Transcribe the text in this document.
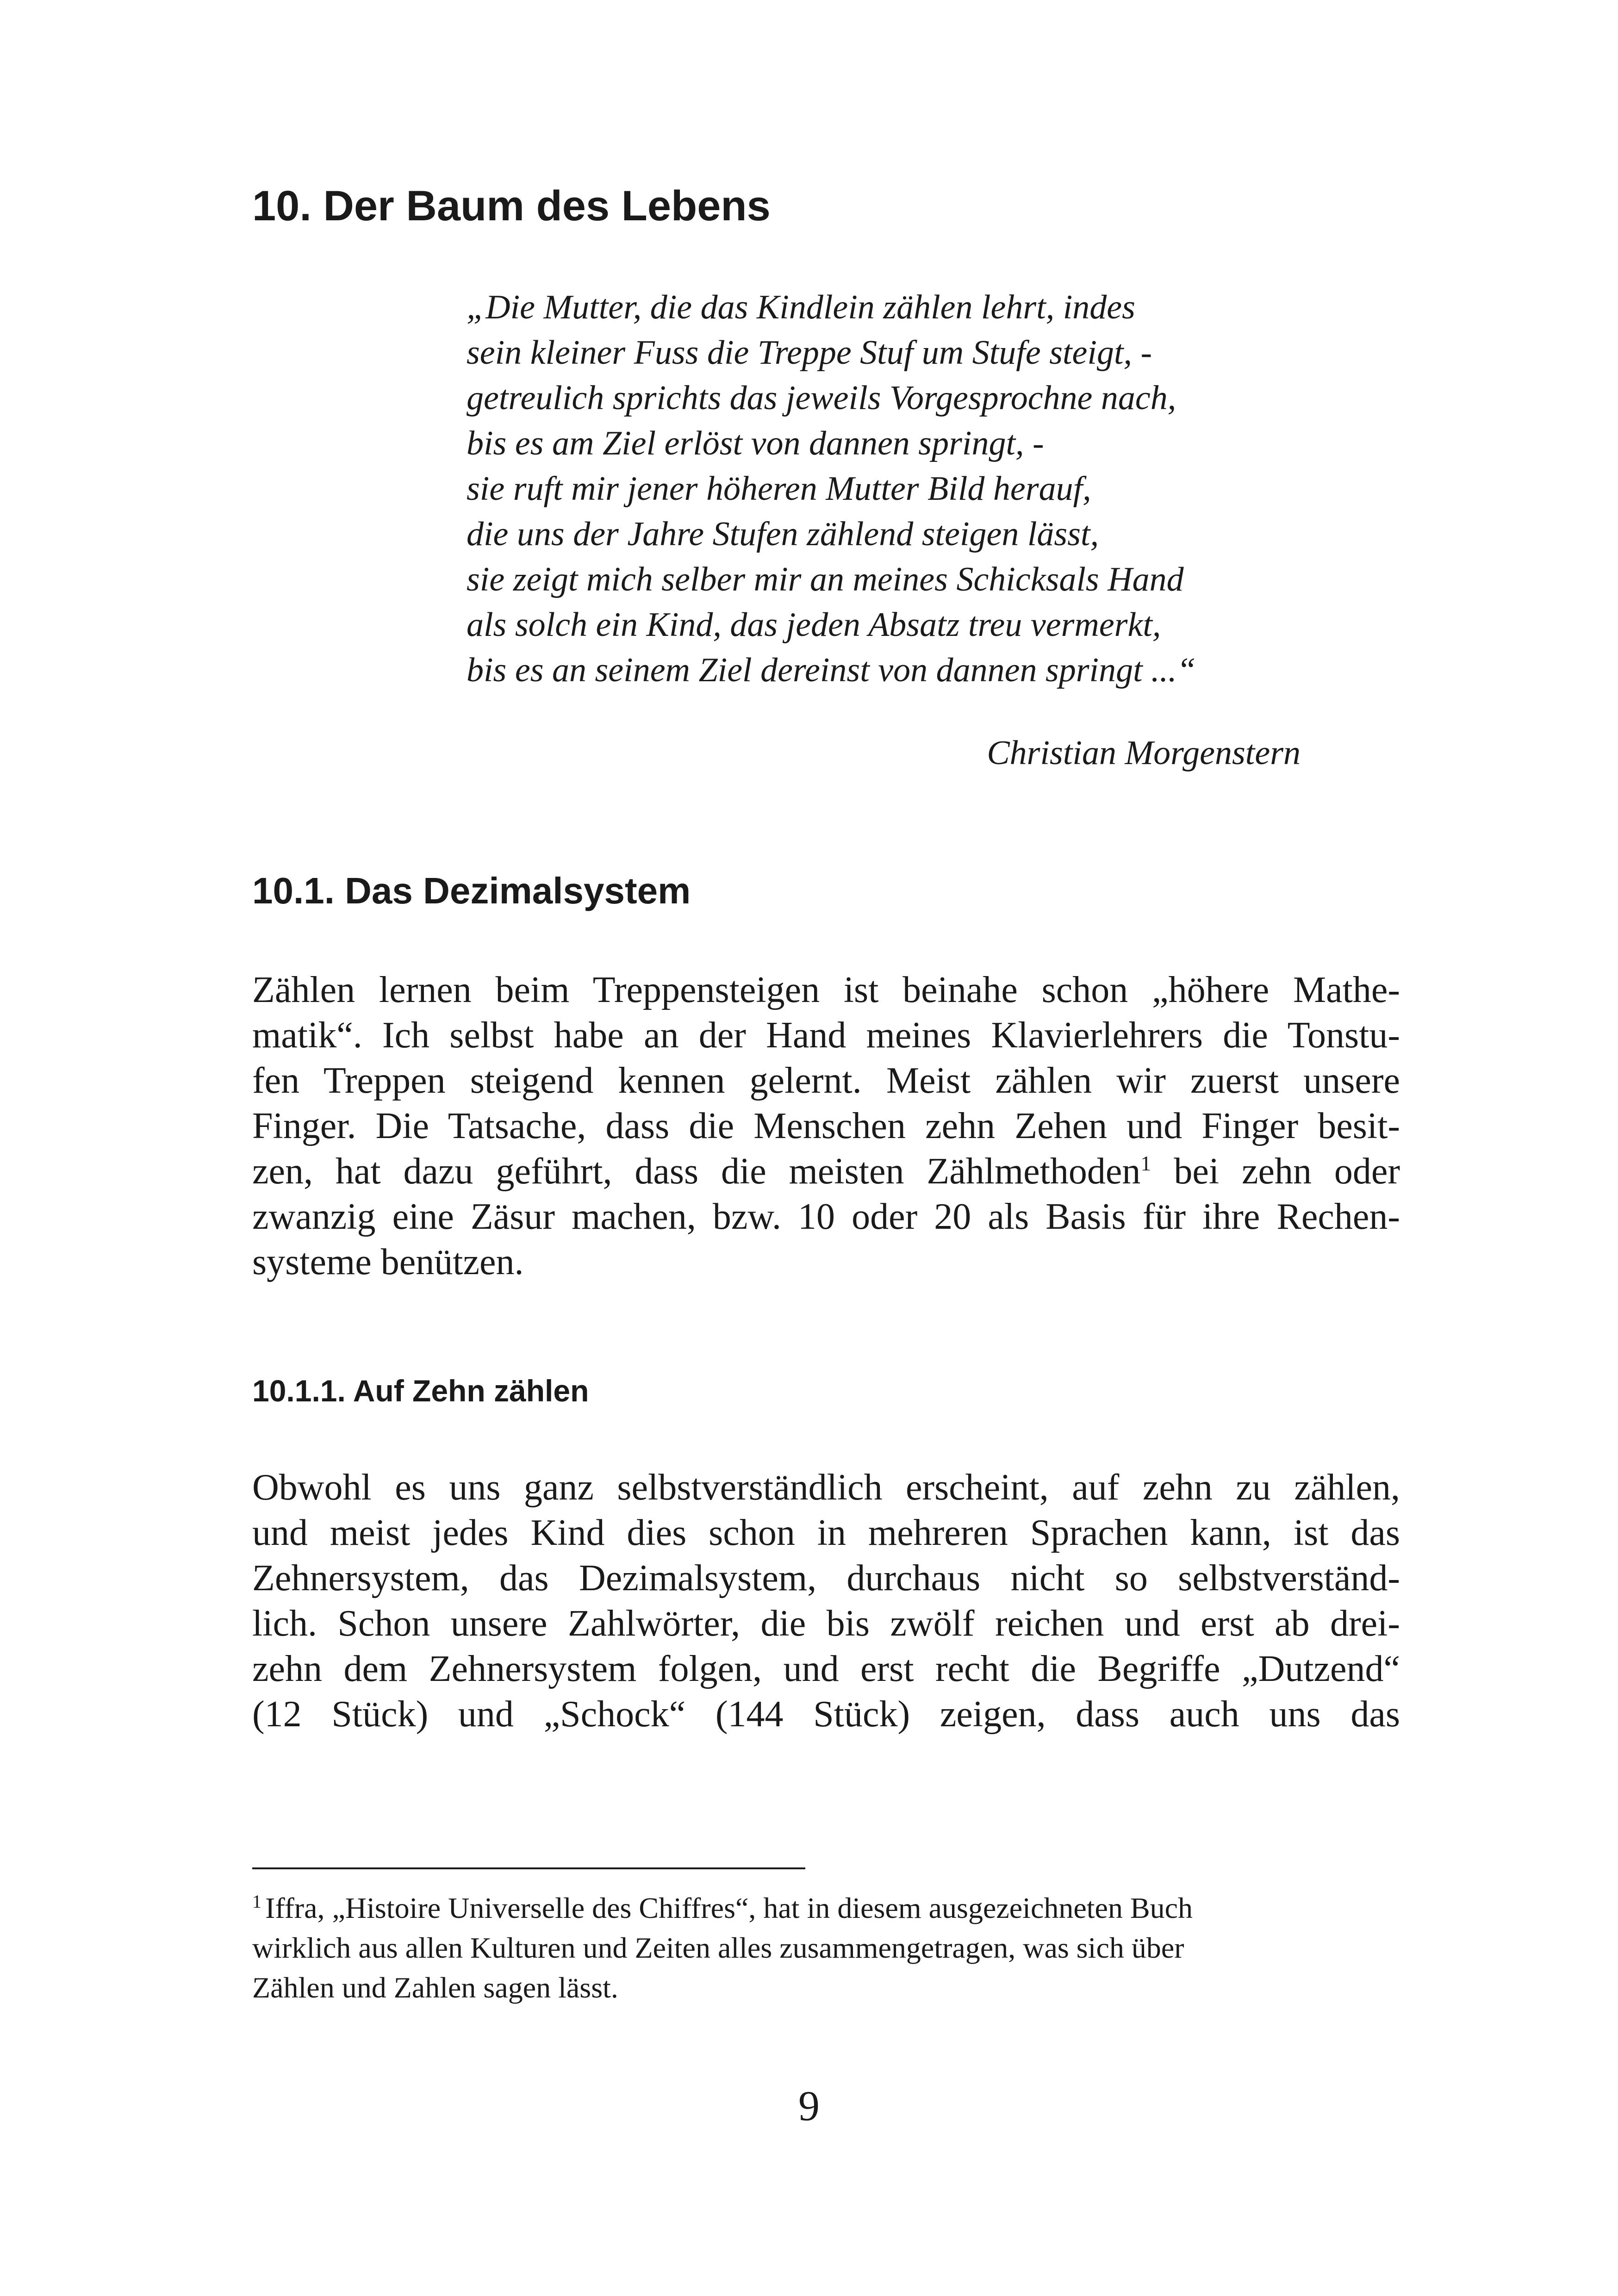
10. Der Baum des Lebens
„Die Mutter, die das Kindlein zählen lehrt, indes
sein kleiner Fuss die Treppe Stuf um Stufe steigt, -
getreulich sprichts das jeweils Vorgesprochne nach,
bis es am Ziel erlöst von dannen springt, -
sie ruft mir jener höheren Mutter Bild herauf,
die uns der Jahre Stufen zählend steigen lässt,
sie zeigt mich selber mir an meines Schicksals Hand
als solch ein Kind, das jeden Absatz treu vermerkt,
bis es an seinem Ziel dereinst von dannen springt ...“

Christian Morgenstern

10.1. Das Dezimalsystem
Zählen lernen beim Treppensteigen ist beinahe schon „höhere Mathe-
matik“. Ich selbst habe an der Hand meines Klavierlehrers die Tonstu-
fen Treppen steigend kennen gelernt. Meist zählen wir zuerst unsere
Finger. Die Tatsache, dass die Menschen zehn Zehen und Finger besit-
zen, hat dazu geführt, dass die meisten Zählmethoden$^1$ bei zehn oder
zwanzig eine Zäsur machen, bzw. 10 oder 20 als Basis für ihre Rechen-
systeme benützen.
10.1.1. Auf Zehn zählen
Obwohl es uns ganz selbstverständlich erscheint, auf zehn zu zählen,
und meist jedes Kind dies schon in mehreren Sprachen kann, ist das
Zehnersystem, das Dezimalsystem, durchaus nicht so selbstverständ-
lich. Schon unsere Zahlwörter, die bis zwölf reichen und erst ab drei-
zehn dem Zehnersystem folgen, und erst recht die Begriffe „Dutzend“
(12 Stück) und „Schock“ (144 Stück) zeigen, dass auch uns das
$^1$ Iffra, „Histoire Universelle des Chiffres“, hat in diesem ausgezeichneten Buch
wirklich aus allen Kulturen und Zeiten alles zusammengetragen, was sich über
Zählen und Zahlen sagen lässt.
9
